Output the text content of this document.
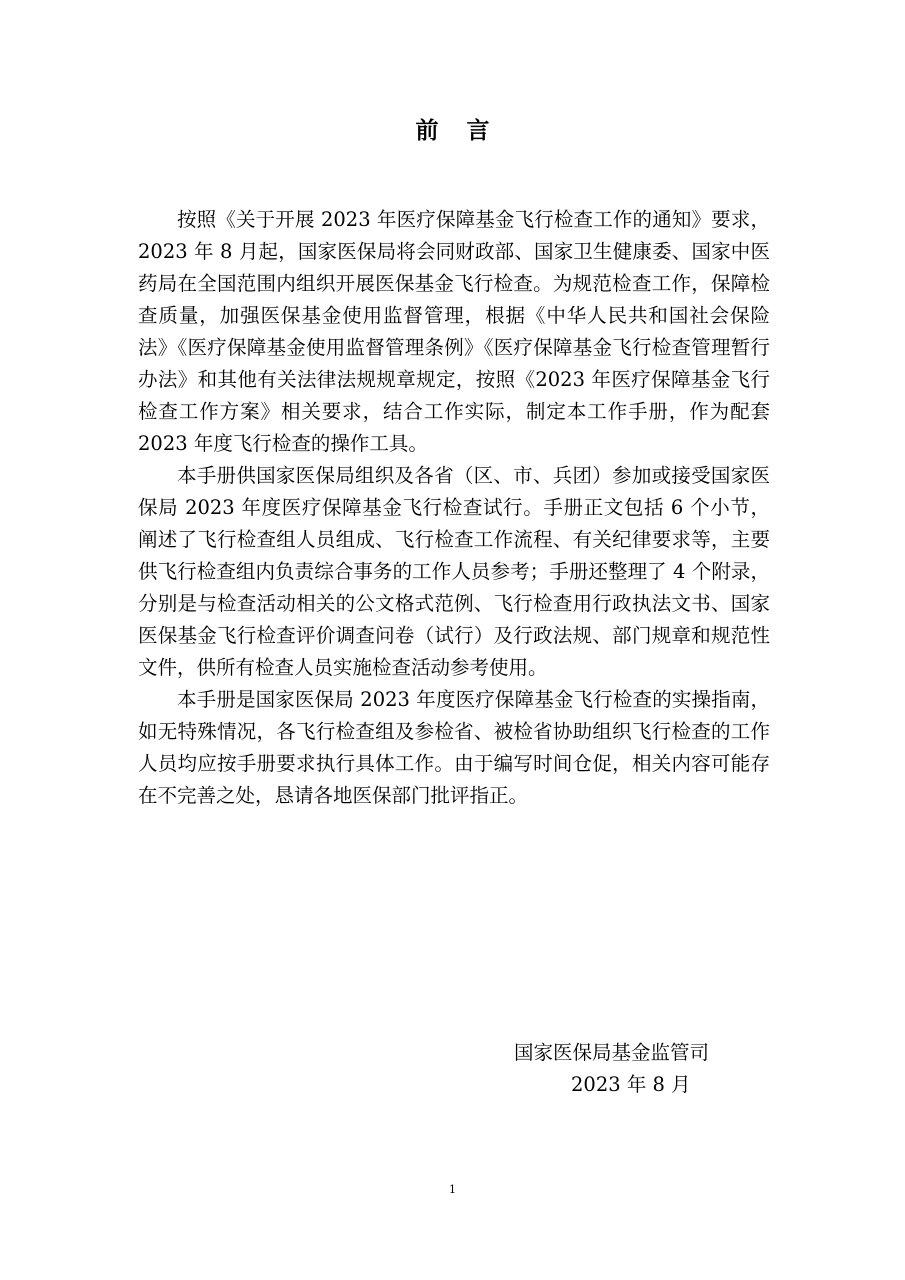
前言

按照《关于开展 2023 年医疗保障基金飞行检查工作的通知》要求，2023 年 8 月起，国家医保局将会同财政部、国家卫生健康委、国家中医药局在全国范围内组织开展医保基金飞行检查。为规范检查工作，保障检查质量，加强医保基金使用监督管理，根据《中华人民共和国社会保险法》《医疗保障基金使用监督管理条例》《医疗保障基金飞行检查管理暂行办法》和其他有关法律法规规章规定，按照《2023 年医疗保障基金飞行检查工作方案》相关要求，结合工作实际，制定本工作手册，作为配套 2023 年度飞行检查的操作工具。

本手册供国家医保局组织及各省（区、市、兵团）参加或接受国家医保局 2023 年度医疗保障基金飞行检查试行。手册正文包括 6 个小节，阐述了飞行检查组人员组成、飞行检查工作流程、有关纪律要求等，主要供飞行检查组内负责综合事务的工作人员参考；手册还整理了 4 个附录，分别是与检查活动相关的公文格式范例、飞行检查用行政执法文书、国家医保基金飞行检查评价调查问卷（试行）及行政法规、部门规章和规范性文件，供所有检查人员实施检查活动参考使用。

本手册是国家医保局 2023 年度医疗保障基金飞行检查的实操指南，如无特殊情况，各飞行检查组及参检省、被检省协助组织飞行检查的工作人员均应按手册要求执行具体工作。由于编写时间仓促，相关内容可能存在不完善之处，恳请各地医保部门批评指正。

国家医保局基金监管司
2023 年 8 月
1
